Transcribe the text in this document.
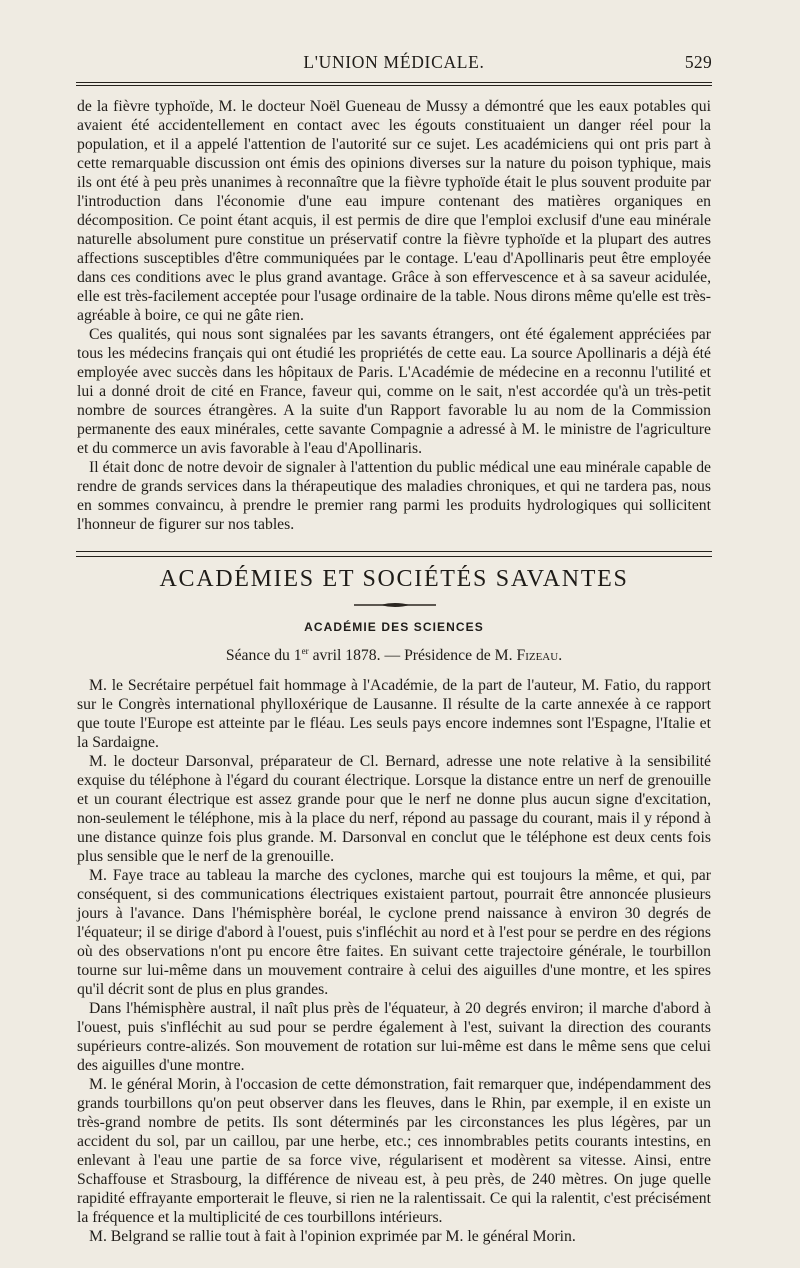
L'UNION MÉDICALE.	529

de la fièvre typhoïde, M. le docteur Noël Gueneau de Mussy a démontré que les eaux potables qui avaient été accidentellement en contact avec les égouts constituaient un danger réel pour la population, et il a appelé l'attention de l'autorité sur ce sujet. Les académiciens qui ont pris part à cette remarquable discussion ont émis des opinions diverses sur la nature du poison typhique, mais ils ont été à peu près unanimes à reconnaître que la fièvre typhoïde était le plus souvent produite par l'introduction dans l'économie d'une eau impure contenant des matières organiques en décomposition. Ce point étant acquis, il est permis de dire que l'emploi exclusif d'une eau minérale naturelle absolument pure constitue un préservatif contre la fièvre typhoïde et la plupart des autres affections susceptibles d'être communiquées par le contage. L'eau d'Apollinaris peut être employée dans ces conditions avec le plus grand avantage. Grâce à son effervescence et à sa saveur acidulée, elle est très-facilement acceptée pour l'usage ordinaire de la table. Nous dirons même qu'elle est très-agréable à boire, ce qui ne gâte rien.

Ces qualités, qui nous sont signalées par les savants étrangers, ont été également appréciées par tous les médecins français qui ont étudié les propriétés de cette eau. La source Apollinaris a déjà été employée avec succès dans les hôpitaux de Paris. L'Académie de médecine en a reconnu l'utilité et lui a donné droit de cité en France, faveur qui, comme on le sait, n'est accordée qu'à un très-petit nombre de sources étrangères. A la suite d'un Rapport favorable lu au nom de la Commission permanente des eaux minérales, cette savante Compagnie a adressé à M. le ministre de l'agriculture et du commerce un avis favorable à l'eau d'Apollinaris.

Il était donc de notre devoir de signaler à l'attention du public médical une eau minérale capable de rendre de grands services dans la thérapeutique des maladies chroniques, et qui ne tardera pas, nous en sommes convaincu, à prendre le premier rang parmi les produits hydrologiques qui sollicitent l'honneur de figurer sur nos tables.

ACADÉMIES ET SOCIÉTÉS SAVANTES
ACADÉMIE DES SCIENCES
Séance du 1er avril 1878. — Présidence de M. Fizeau.

M. le Secrétaire perpétuel fait hommage à l'Académie, de la part de l'auteur, M. Fatio, du rapport sur le Congrès international phylloxérique de Lausanne. Il résulte de la carte annexée à ce rapport que toute l'Europe est atteinte par le fléau. Les seuls pays encore indemnes sont l'Espagne, l'Italie et la Sardaigne.

M. le docteur Darsonval, préparateur de Cl. Bernard, adresse une note relative à la sensibilité exquise du téléphone à l'égard du courant électrique. Lorsque la distance entre un nerf de grenouille et un courant électrique est assez grande pour que le nerf ne donne plus aucun signe d'excitation, non-seulement le téléphone, mis à la place du nerf, répond au passage du courant, mais il y répond à une distance quinze fois plus grande. M. Darsonval en conclut que le téléphone est deux cents fois plus sensible que le nerf de la grenouille.

M. Faye trace au tableau la marche des cyclones, marche qui est toujours la même, et qui, par conséquent, si des communications électriques existaient partout, pourrait être annoncée plusieurs jours à l'avance. Dans l'hémisphère boréal, le cyclone prend naissance à environ 30 degrés de l'équateur; il se dirige d'abord à l'ouest, puis s'infléchit au nord et à l'est pour se perdre en des régions où des observations n'ont pu encore être faites. En suivant cette trajectoire générale, le tourbillon tourne sur lui-même dans un mouvement contraire à celui des aiguilles d'une montre, et les spires qu'il décrit sont de plus en plus grandes.

Dans l'hémisphère austral, il naît plus près de l'équateur, à 20 degrés environ; il marche d'abord à l'ouest, puis s'infléchit au sud pour se perdre également à l'est, suivant la direction des courants supérieurs contre-alizés. Son mouvement de rotation sur lui-même est dans le même sens que celui des aiguilles d'une montre.

M. le général Morin, à l'occasion de cette démonstration, fait remarquer que, indépendamment des grands tourbillons qu'on peut observer dans les fleuves, dans le Rhin, par exemple, il en existe un très-grand nombre de petits. Ils sont déterminés par les circonstances les plus légères, par un accident du sol, par un caillou, par une herbe, etc.; ces innombrables petits courants intestins, en enlevant à l'eau une partie de sa force vive, régularisent et modèrent sa vitesse. Ainsi, entre Schaffouse et Strasbourg, la différence de niveau est, à peu près, de 240 mètres. On juge quelle rapidité effrayante emporterait le fleuve, si rien ne la ralentissait. Ce qui la ralentit, c'est précisément la fréquence et la multiplicité de ces tourbillons intérieurs.

M. Belgrand se rallie tout à fait à l'opinion exprimée par M. le général Morin.
